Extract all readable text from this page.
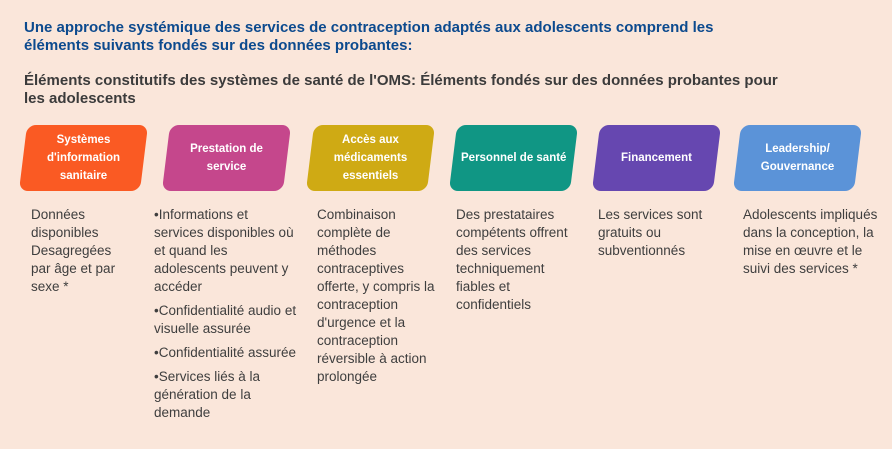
Une approche systémique des services de contraception adaptés aux adolescents comprend les éléments suivants fondés sur des données probantes:
Éléments constitutifs des systèmes de santé de l'OMS: Éléments fondés sur des données probantes pour les adolescents
Systèmes d'information sanitaire
Prestation de service
Accès aux médicaments essentiels
Personnel de santé	Financement
Leadership/ Gouvernance

Données disponibles Desagregées par âge et par sexe *

•Informations et services disponibles où et quand les adolescents peuvent y accéder

•Confidentialité audio et visuelle assurée

•Confidentialité assurée

•Services liés à la génération de la demande

Combinaison complète de méthodes contraceptives offerte, y compris la contraception d'urgence et la contraception réversible à action prolongée

Des prestataires compétents offrent des services techniquement fiables et confidentiels

Les services sont gratuits ou subventionnés

Adolescents impliqués dans la conception, la mise en œuvre et le suivi des services *
